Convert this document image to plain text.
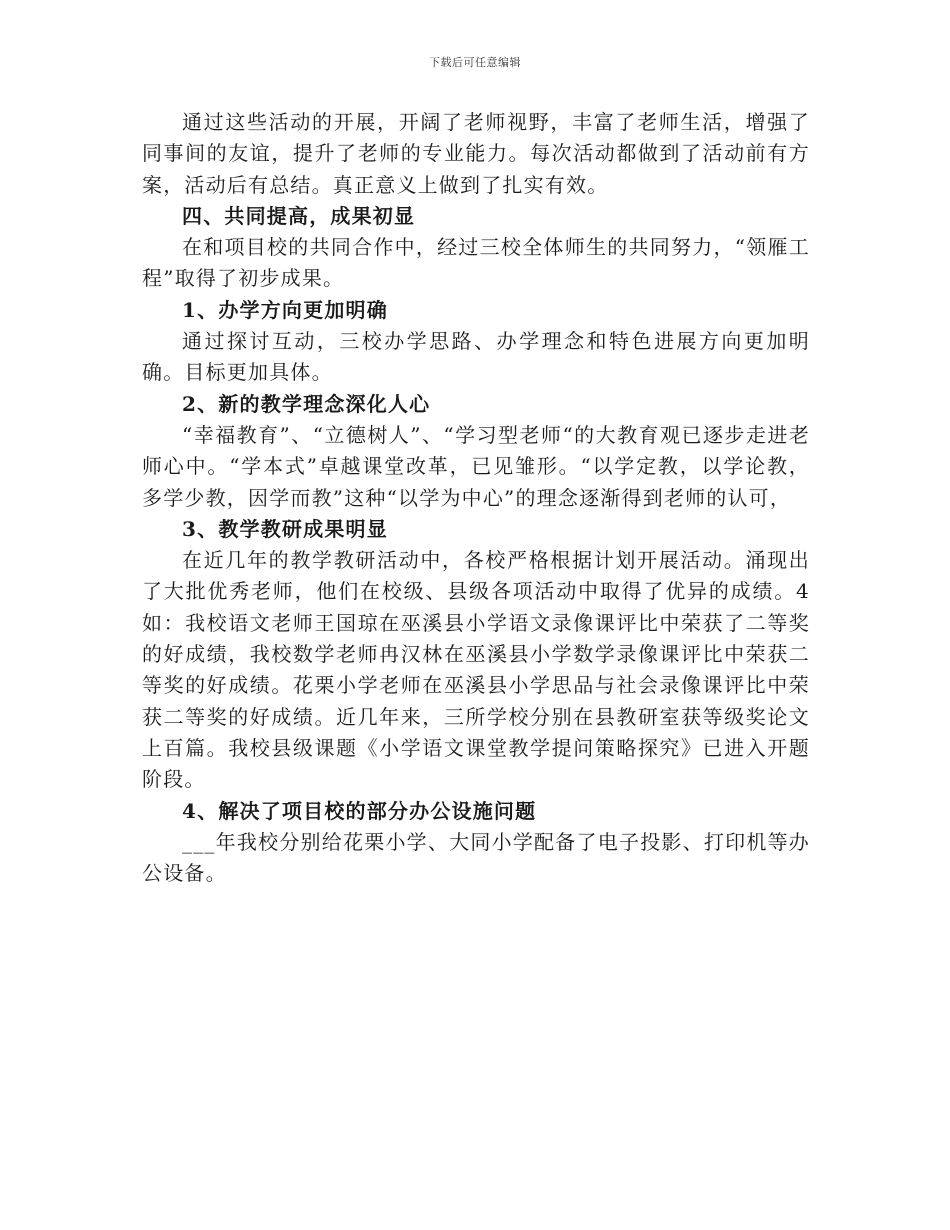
下载后可任意编辑

通过这些活动的开展，开阔了老师视野，丰富了老师生活，增强了同事间的友谊，提升了老师的专业能力。每次活动都做到了活动前有方案，活动后有总结。真正意义上做到了扎实有效。

四、共同提高，成果初显

在和项目校的共同合作中，经过三校全体师生的共同努力，“领雁工程”取得了初步成果。

1、办学方向更加明确

通过探讨互动，三校办学思路、办学理念和特色进展方向更加明确。目标更加具体。

2、新的教学理念深化人心

“幸福教育”、“立德树人”、“学习型老师“的大教育观已逐步走进老师心中。“学本式”卓越课堂改革，已见雏形。“以学定教，以学论教，多学少教，因学而教”这种“以学为中心”的理念逐渐得到老师的认可，

3、教学教研成果明显

在近几年的教学教研活动中，各校严格根据计划开展活动。涌现出了大批优秀老师，他们在校级、县级各项活动中取得了优异的成绩。4如：我校语文老师王国琼在巫溪县小学语文录像课评比中荣获了二等奖的好成绩，我校数学老师冉汉林在巫溪县小学数学录像课评比中荣获二等奖的好成绩。花栗小学老师在巫溪县小学思品与社会录像课评比中荣获二等奖的好成绩。近几年来，三所学校分别在县教研室获等级奖论文上百篇。我校县级课题《小学语文课堂教学提问策略探究》已进入开题阶段。

4、解决了项目校的部分办公设施问题

___年我校分别给花栗小学、大同小学配备了电子投影、打印机等办公设备。
